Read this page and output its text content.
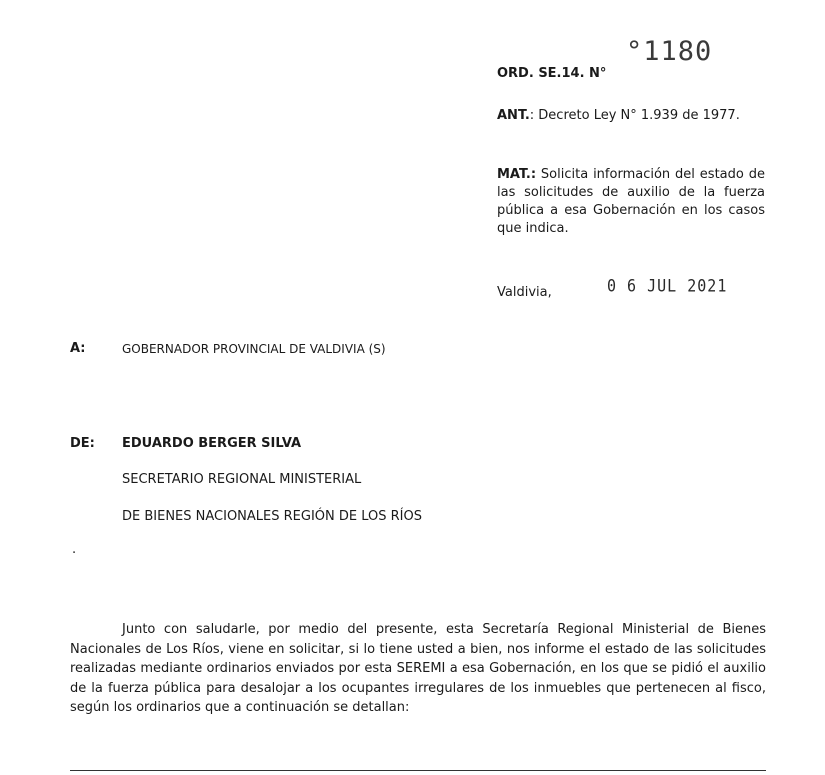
°1180
ORD. SE.14. N°
ANT.: Decreto Ley N° 1.939 de 1977.
MAT.: Solicita información del estado de las solicitudes de auxilio de la fuerza pública a esa Gobernación en los casos que indica.
Valdivia,	0 6 JUL 2021
A:	GOBERNADOR PROVINCIAL DE VALDIVIA (S)
DE: EDUARDO BERGER SILVA
SECRETARIO REGIONAL MINISTERIAL
DE BIENES NACIONALES REGIÓN DE LOS RÍOS
.
Junto con saludarle, por medio del presente, esta Secretaría Regional Ministerial de Bienes Nacionales de Los Ríos, viene en solicitar, si lo tiene usted a bien, nos informe el estado de las solicitudes realizadas mediante ordinarios enviados por esta SEREMI a esa Gobernación, en los que se pidió el auxilio de la fuerza pública para desalojar a los ocupantes irregulares de los inmuebles que pertenecen al fisco, según los ordinarios que a continuación se detallan:
